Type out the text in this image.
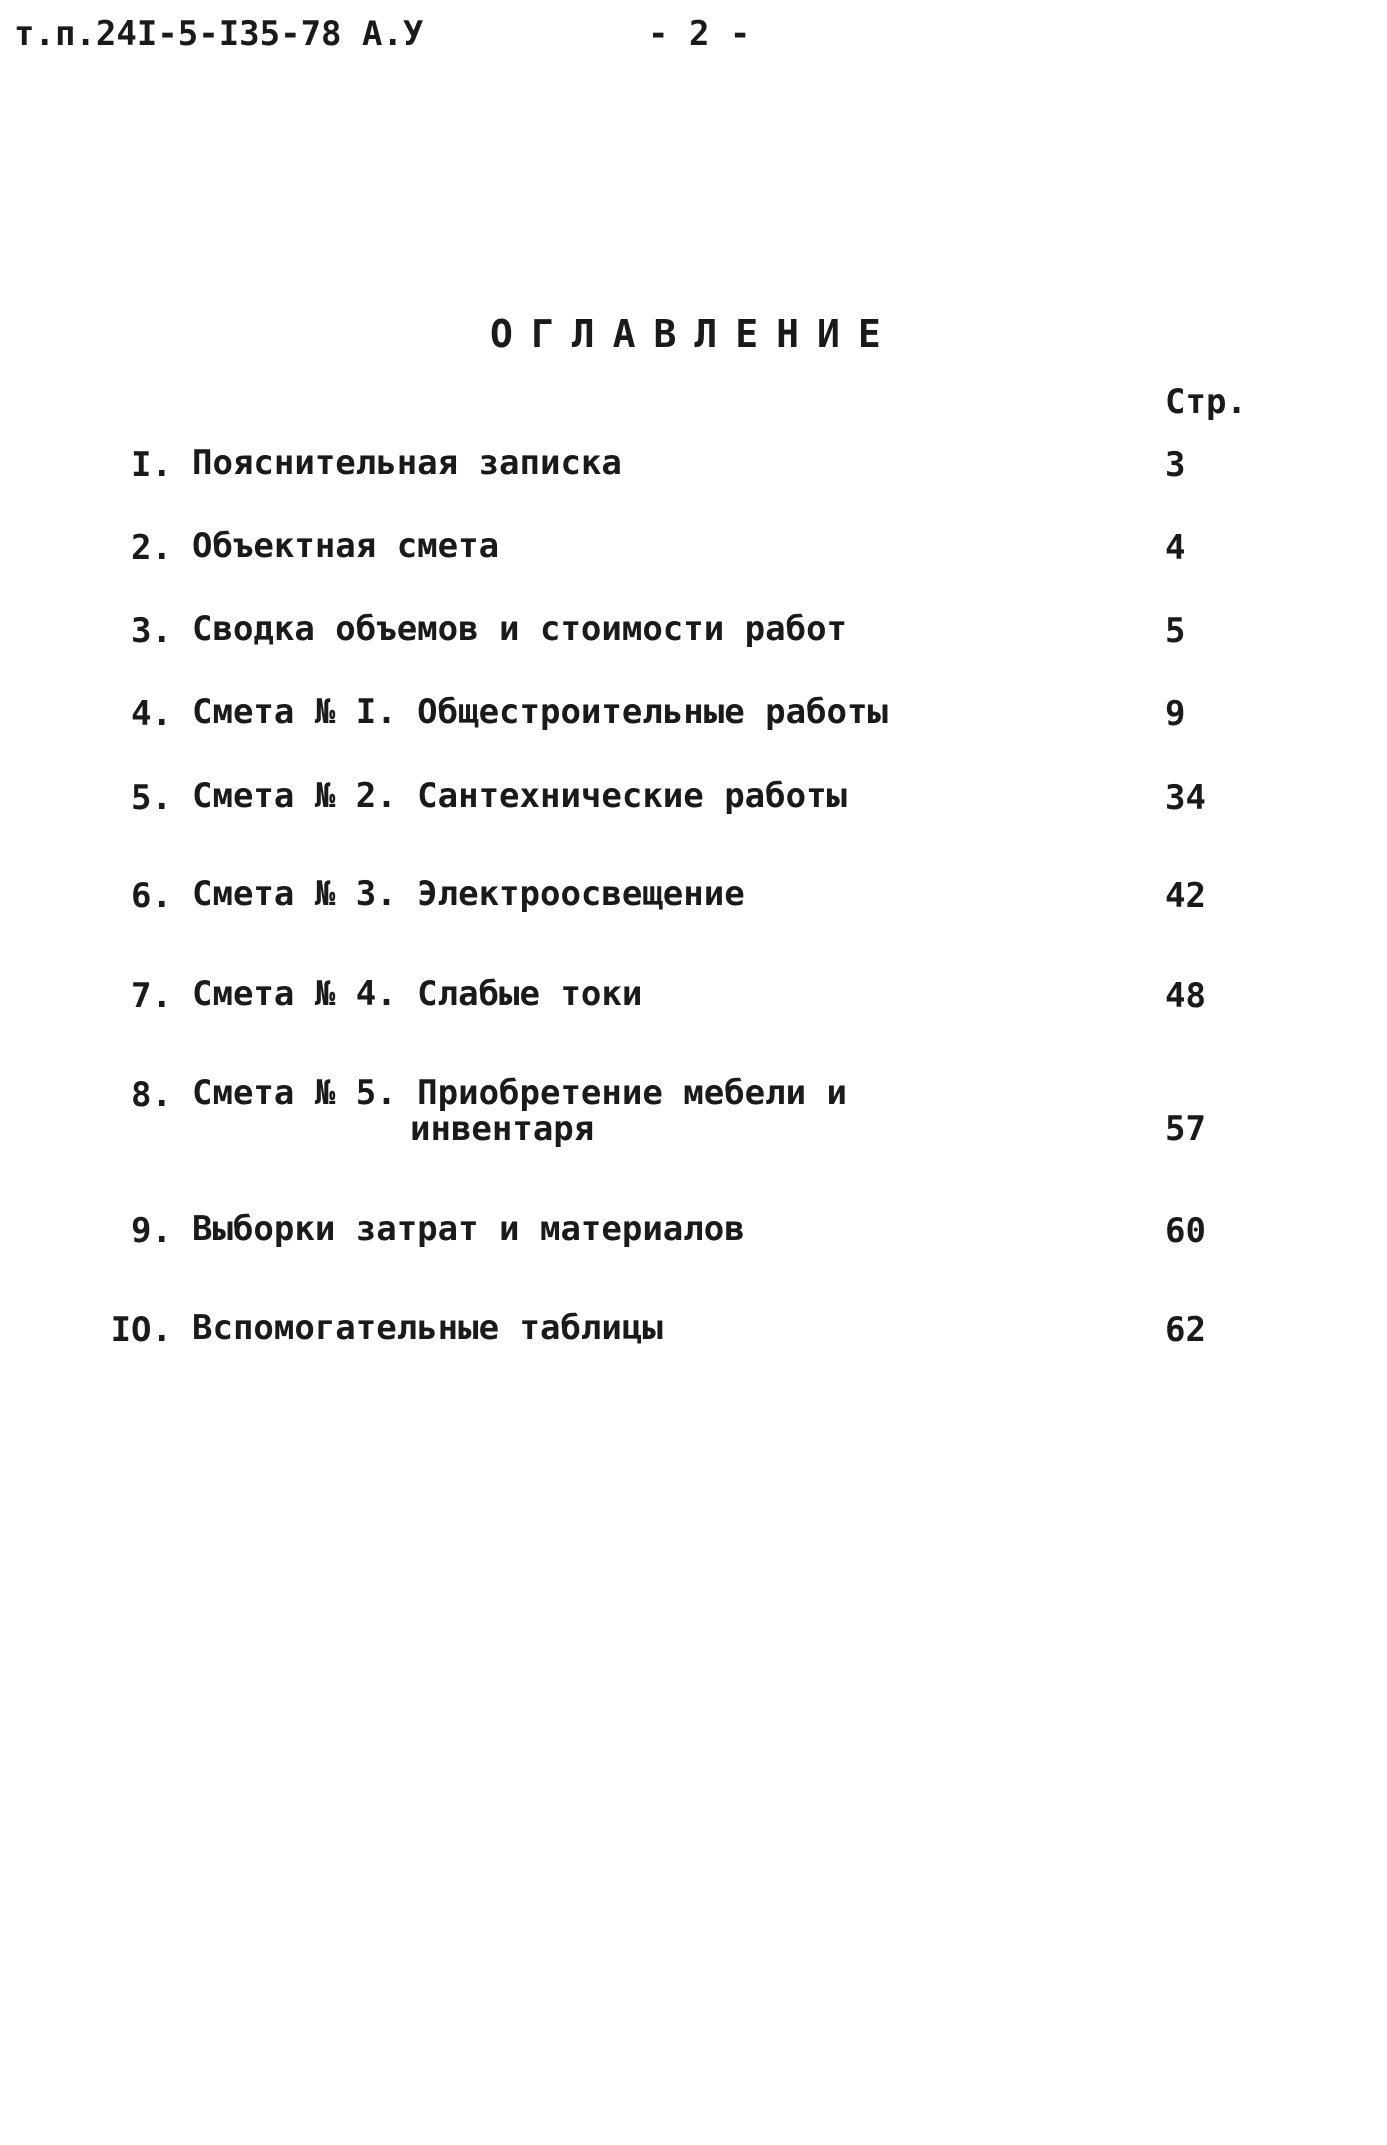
т.п.24I-5-I35-78 А.У	- 2 -
ОГЛАВЛЕНИЕ
Стр.
I. Пояснительная записка	3
2. Объектная смета	4
3. Сводка объемов и стоимости работ	5
4. Смета № I. Общестроительные работы	9
5. Смета № 2. Сантехнические работы	34
6. Смета № 3. Электроосвещение	42
7. Смета № 4. Слабые токи	48
8. Смета № 5. Приобретение мебели и
инвентаря	57
9. Выборки затрат и материалов	60
IO. Вспомогательные таблицы	62
